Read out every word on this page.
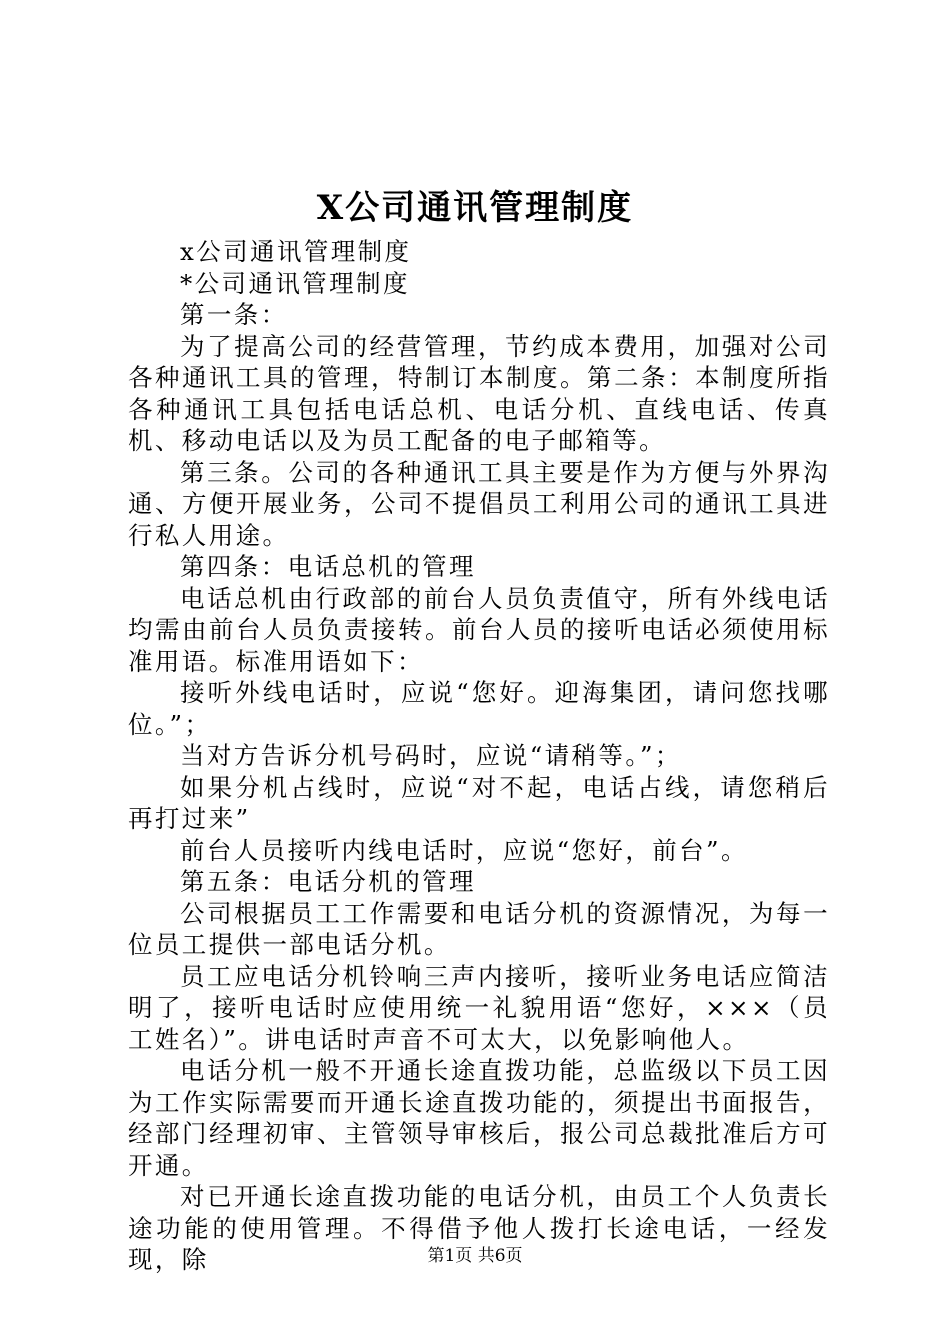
X公司通讯管理制度

x公司通讯管理制度

*公司通讯管理制度

第一条：

为了提高公司的经营管理，节约成本费用，加强对公司各种通讯工具的管理，特制订本制度。第二条：本制度所指各种通讯工具包括电话总机、电话分机、直线电话、传真机、移动电话以及为员工配备的电子邮箱等。

第三条。公司的各种通讯工具主要是作为方便与外界沟通、方便开展业务，公司不提倡员工利用公司的通讯工具进行私人用途。

第四条：电话总机的管理

电话总机由行政部的前台人员负责值守，所有外线电话均需由前台人员负责接转。前台人员的接听电话必须使用标准用语。标准用语如下：

接听外线电话时，应说“您好。迎海集团，请问您找哪位。”；

当对方告诉分机号码时，应说“请稍等。”；

如果分机占线时，应说“对不起，电话占线，请您稍后再打过来”

前台人员接听内线电话时，应说“您好，前台”。

第五条：电话分机的管理

公司根据员工工作需要和电话分机的资源情况，为每一位员工提供一部电话分机。

员工应电话分机铃响三声内接听，接听业务电话应简洁明了，接听电话时应使用统一礼貌用语“您好，×××（员工姓名）”。讲电话时声音不可太大，以免影响他人。

电话分机一般不开通长途直拨功能，总监级以下员工因为工作实际需要而开通长途直拨功能的，须提出书面报告，经部门经理初审、主管领导审核后，报公司总裁批准后方可开通。

对已开通长途直拨功能的电话分机，由员工个人负责长途功能的使用管理。不得借予他人拨打长途电话，一经发现，除	第1页 共6页
